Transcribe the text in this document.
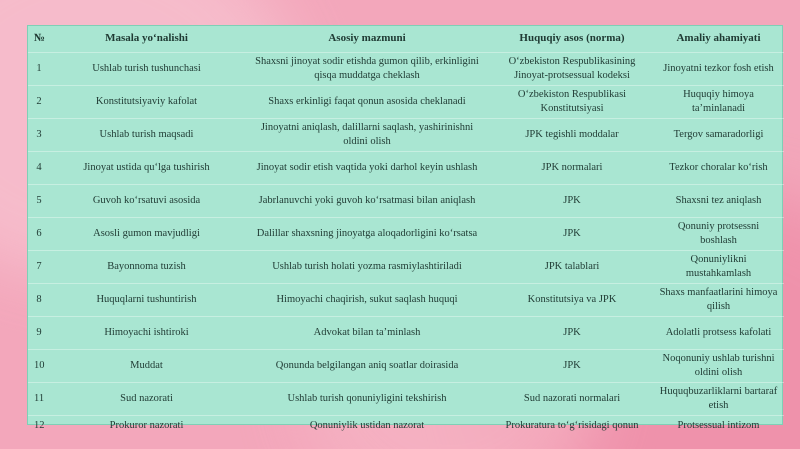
№	Masala yoʻnalishi	Asosiy mazmuni	Huquqiy asos (norma)	Amaliy ahamiyati
1	Ushlab turish tushunchasi	Shaxsni jinoyat sodir etishda gumon qilib, erkinligini qisqa muddatga cheklash	Oʻzbekiston Respublikasining Jinoyat-protsessual kodeksi	Jinoyatni tezkor fosh etish
2	Konstitutsiyaviy kafolat	Shaxs erkinligi faqat qonun asosida cheklanadi	Oʻzbekiston Respublikasi Konstitutsiyasi	Huquqiy himoya taʼminlanadi
3	Ushlab turish maqsadi	Jinoyatni aniqlash, dalillarni saqlash, yashirinishni oldini olish	JPK tegishli moddalar	Tergov samaradorligi
4	Jinoyat ustida quʻlga tushirish	Jinoyat sodir etish vaqtida yoki darhol keyin ushlash	JPK normalari	Tezkor choralar koʻrish
5	Guvoh koʻrsatuvi asosida	Jabrlanuvchi yoki guvoh koʻrsatmasi bilan aniqlash	JPK	Shaxsni tez aniqlash
6	Asosli gumon mavjudligi	Dalillar shaxsning jinoyatga aloqadorligini koʻrsatsa	JPK	Qonuniy protsessni boshlash
7	Bayonnoma tuzish	Ushlab turish holati yozma rasmiylashtiriladi	JPK talablari	Qonuniylikni mustahkamlash
8	Huquqlarni tushuntirish	Himoyachi chaqirish, sukut saqlash huquqi	Konstitutsiya va JPK	Shaxs manfaatlarini himoya qilish
9	Himoyachi ishtiroki	Advokat bilan taʼminlash	JPK	Adolatli protsess kafolati
10	Muddat	Qonunda belgilangan aniq soatlar doirasida	JPK	Noqonuniy ushlab turishni oldini olish
11	Sud nazorati	Ushlab turish qonuniyligini tekshirish	Sud nazorati normalari	Huquqbuzarliklarni bartaraf etish
12	Prokuror nazorati	Qonuniylik ustidan nazorat	Prokuratura toʻgʻrisidagi qonun	Protsessual intizom
